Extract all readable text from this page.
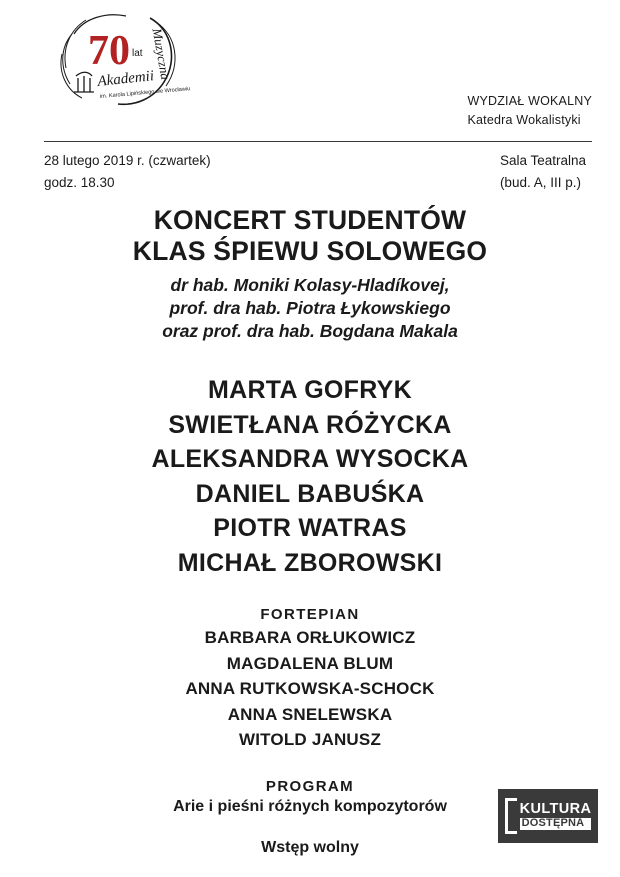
70 lat Muzyczna
Akademii
im. Karola Lipińskiego we Wrocławiu
WYDZIAŁ WOKALNY
Katedra Wokalistyki
28 lutego 2019 r. (czwartek)
godz. 18.30
Sala Teatralna
(bud. A, III p.)
KONCERT STUDENTÓW
KLAS ŚPIEWU SOLOWEGO
dr hab. Moniki Kolasy-Hladíkovej,
prof. dra hab. Piotra Łykowskiego
oraz prof. dra hab. Bogdana Makala
MARTA GOFRYK
SWIETŁANA RÓŻYCKA
ALEKSANDRA WYSOCKA
DANIEL BABUŚKA
PIOTR WATRAS
MICHAŁ ZBOROWSKI
FORTEPIAN
BARBARA ORŁUKOWICZ
MAGDALENA BLUM
ANNA RUTKOWSKA-SCHOCK
ANNA SNELEWSKA
WITOLD JANUSZ
PROGRAM
Arie i pieśni różnych kompozytorów
Wstęp wolny
KULTURA
DOSTĘPNA
